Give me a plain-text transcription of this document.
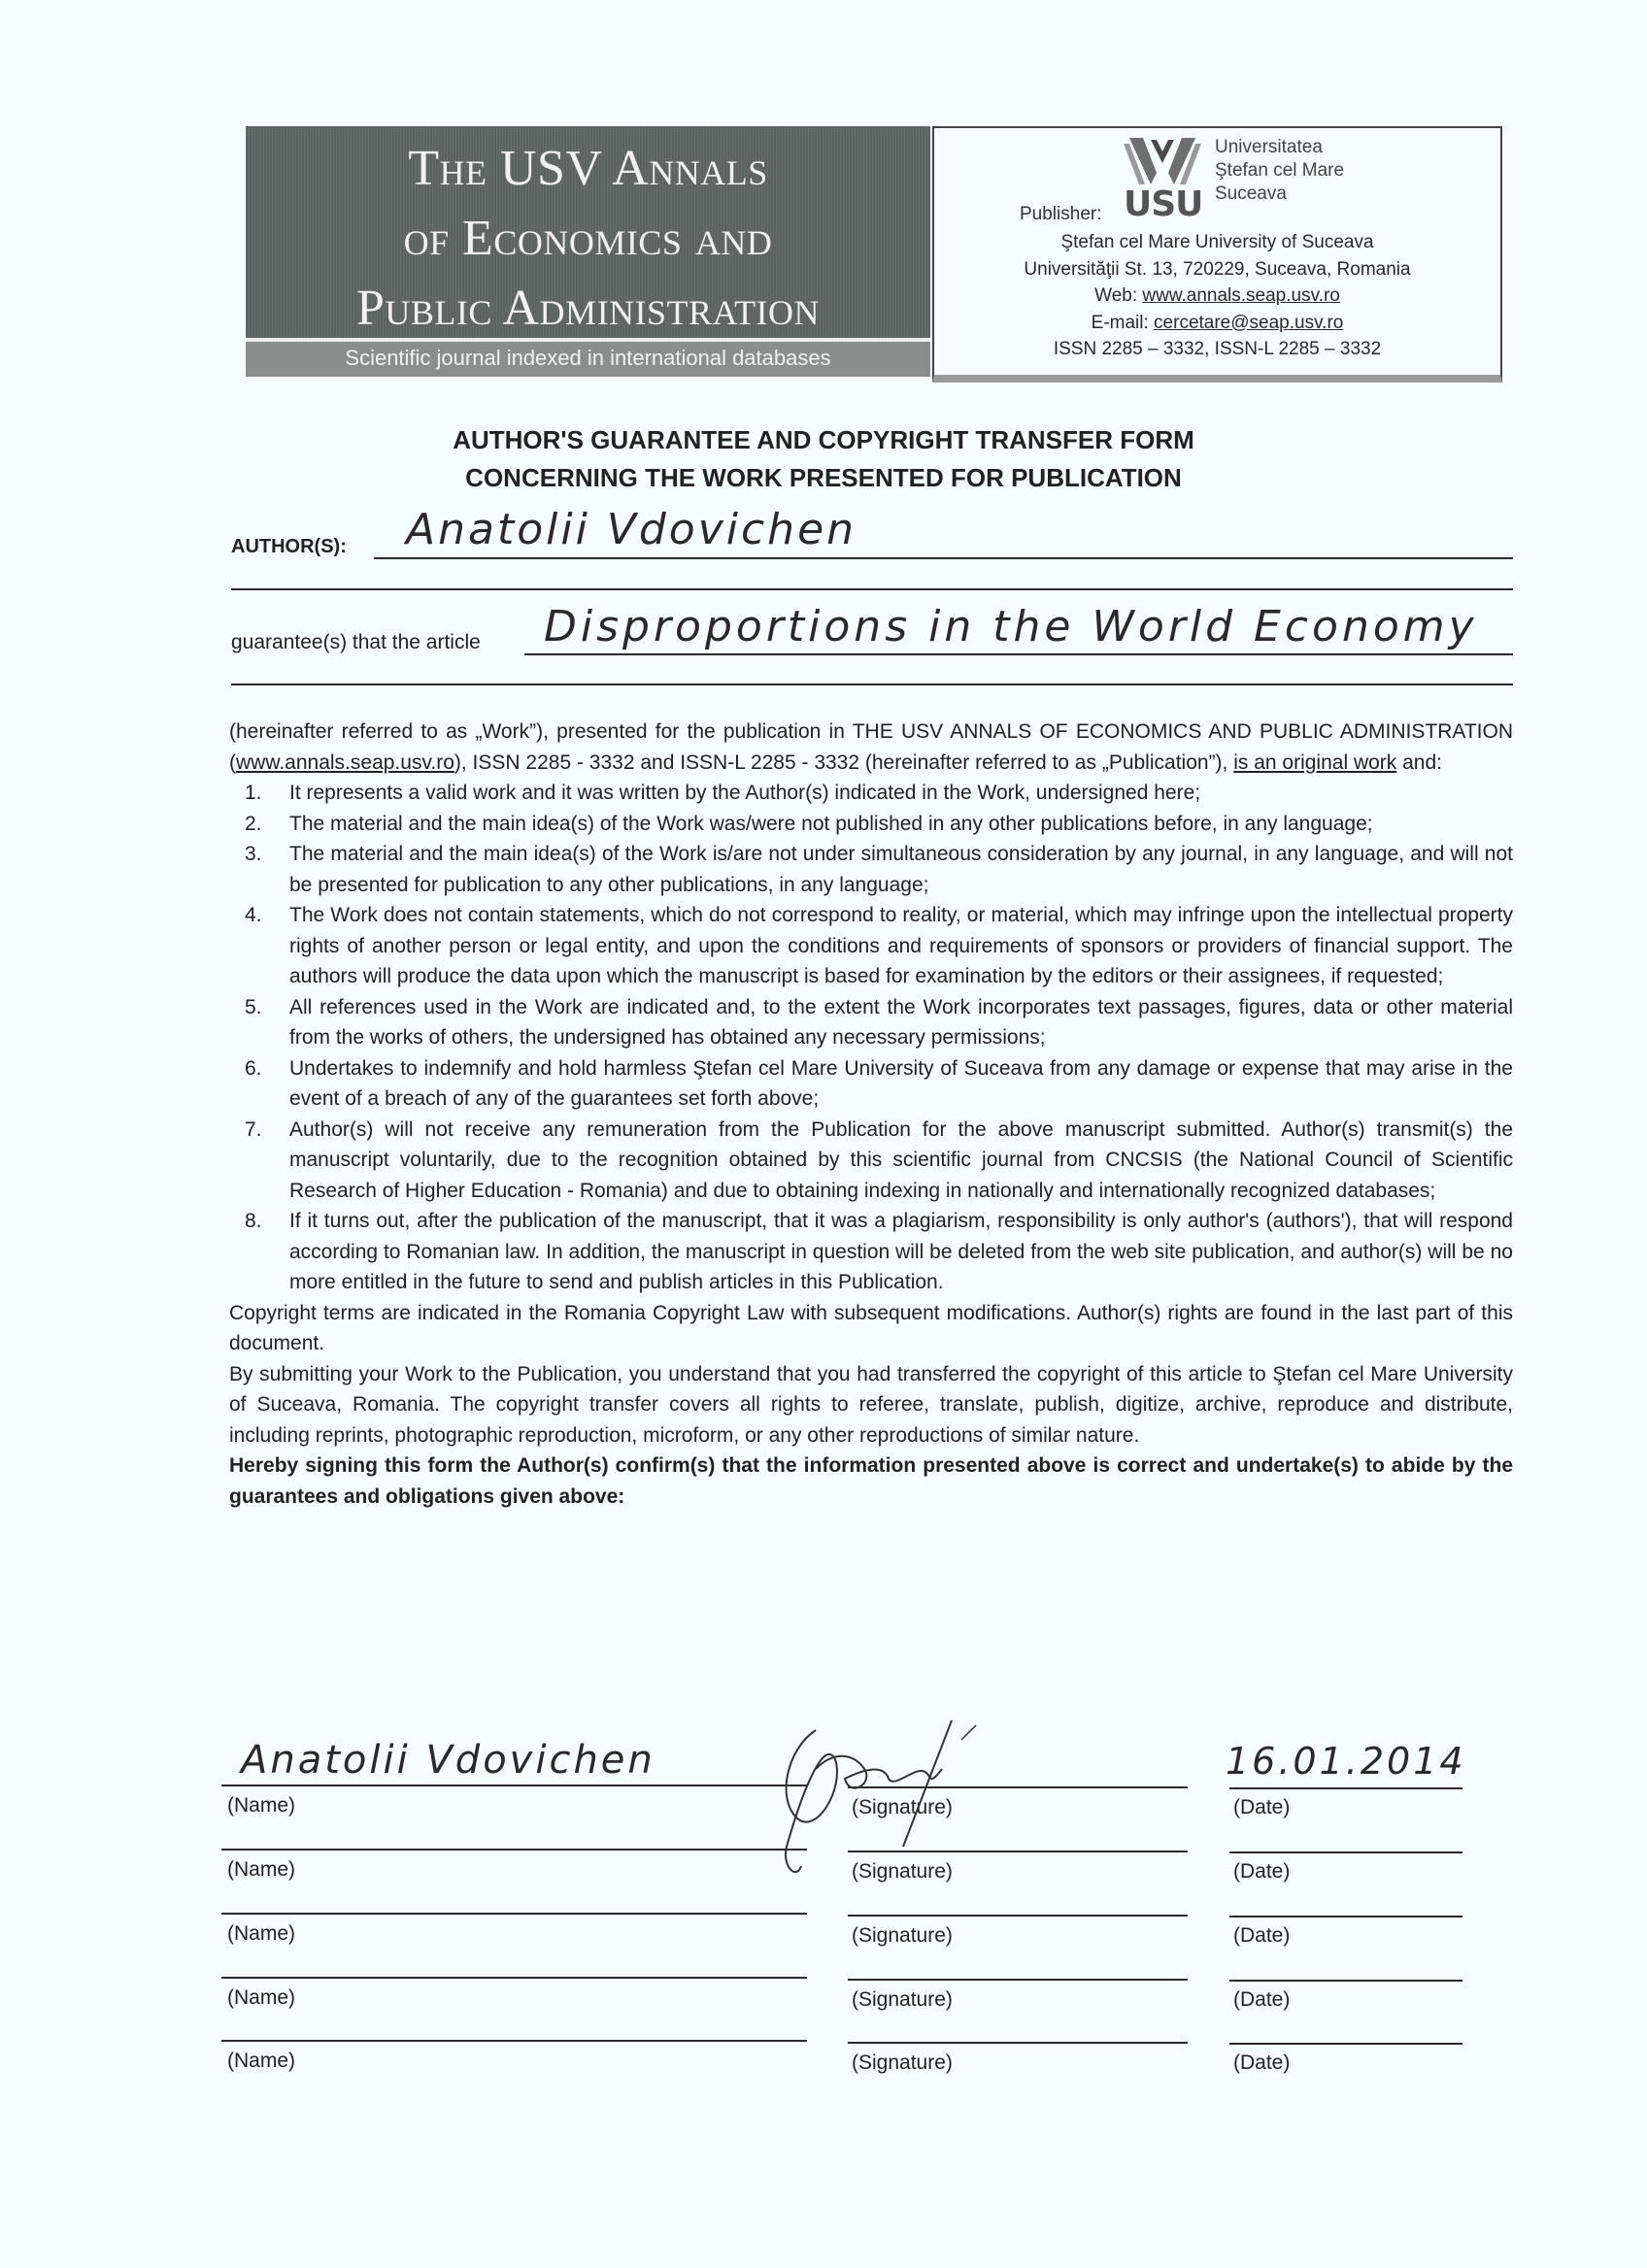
The USV Annals
of Economics and
Public Administration
Scientific journal indexed in international databases
USU
Universitatea
Ştefan cel Mare
Suceava
Publisher:
Ştefan cel Mare University of Suceava
Universităţii St. 13, 720229, Suceava, Romania
Web: www.annals.seap.usv.ro
E-mail: cercetare@seap.usv.ro
ISSN 2285 – 3332, ISSN-L 2285 – 3332
AUTHOR'S GUARANTEE AND COPYRIGHT TRANSFER FORM
CONCERNING THE WORK PRESENTED FOR PUBLICATION
AUTHOR(S): Anatolii Vdovichen
guarantee(s) that the article Disproportions in the World Economy

(hereinafter referred to as „Work”), presented for the publication in THE USV ANNALS OF ECONOMICS AND PUBLIC ADMINISTRATION (www.annals.seap.usv.ro), ISSN 2285 - 3332 and ISSN-L 2285 - 3332 (hereinafter referred to as „Publication”), is an original work and:

1.	It represents a valid work and it was written by the Author(s) indicated in the Work, undersigned here;
2.	The material and the main idea(s) of the Work was/were not published in any other publications before, in any language;
3.	The material and the main idea(s) of the Work is/are not under simultaneous consideration by any journal, in any language, and will not be presented for publication to any other publications, in any language;
4.	The Work does not contain statements, which do not correspond to reality, or material, which may infringe upon the intellectual property rights of another person or legal entity, and upon the conditions and requirements of sponsors or providers of financial support. The authors will produce the data upon which the manuscript is based for examination by the editors or their assignees, if requested;
5.	All references used in the Work are indicated and, to the extent the Work incorporates text passages, figures, data or other material from the works of others, the undersigned has obtained any necessary permissions;
6.	Undertakes to indemnify and hold harmless Ştefan cel Mare University of Suceava from any damage or expense that may arise in the event of a breach of any of the guarantees set forth above;
7.	Author(s) will not receive any remuneration from the Publication for the above manuscript submitted. Author(s) transmit(s) the manuscript voluntarily, due to the recognition obtained by this scientific journal from CNCSIS (the National Council of Scientific Research of Higher Education - Romania) and due to obtaining indexing in nationally and internationally recognized databases;
8.	If it turns out, after the publication of the manuscript, that it was a plagiarism, responsibility is only author's (authors'), that will respond according to Romanian law. In addition, the manuscript in question will be deleted from the web site publication, and author(s) will be no more entitled in the future to send and publish articles in this Publication.

Copyright terms are indicated in the Romania Copyright Law with subsequent modifications. Author(s) rights are found in the last part of this document.

By submitting your Work to the Publication, you understand that you had transferred the copyright of this article to Ştefan cel Mare University of Suceava, Romania. The copyright transfer covers all rights to referee, translate, publish, digitize, archive, reproduce and distribute, including reprints, photographic reproduction, microform, or any other reproductions of similar nature.

Hereby signing this form the Author(s) confirm(s) that the information presented above is correct and undertake(s) to abide by the guarantees and obligations given above:

Anatolii Vdovichen	16.01.2014
(Name)	(Signature)	(Date)
(Name)	(Signature)	(Date)
(Name)	(Signature)	(Date)
(Name)	(Signature)	(Date)
(Name)	(Signature)	(Date)
